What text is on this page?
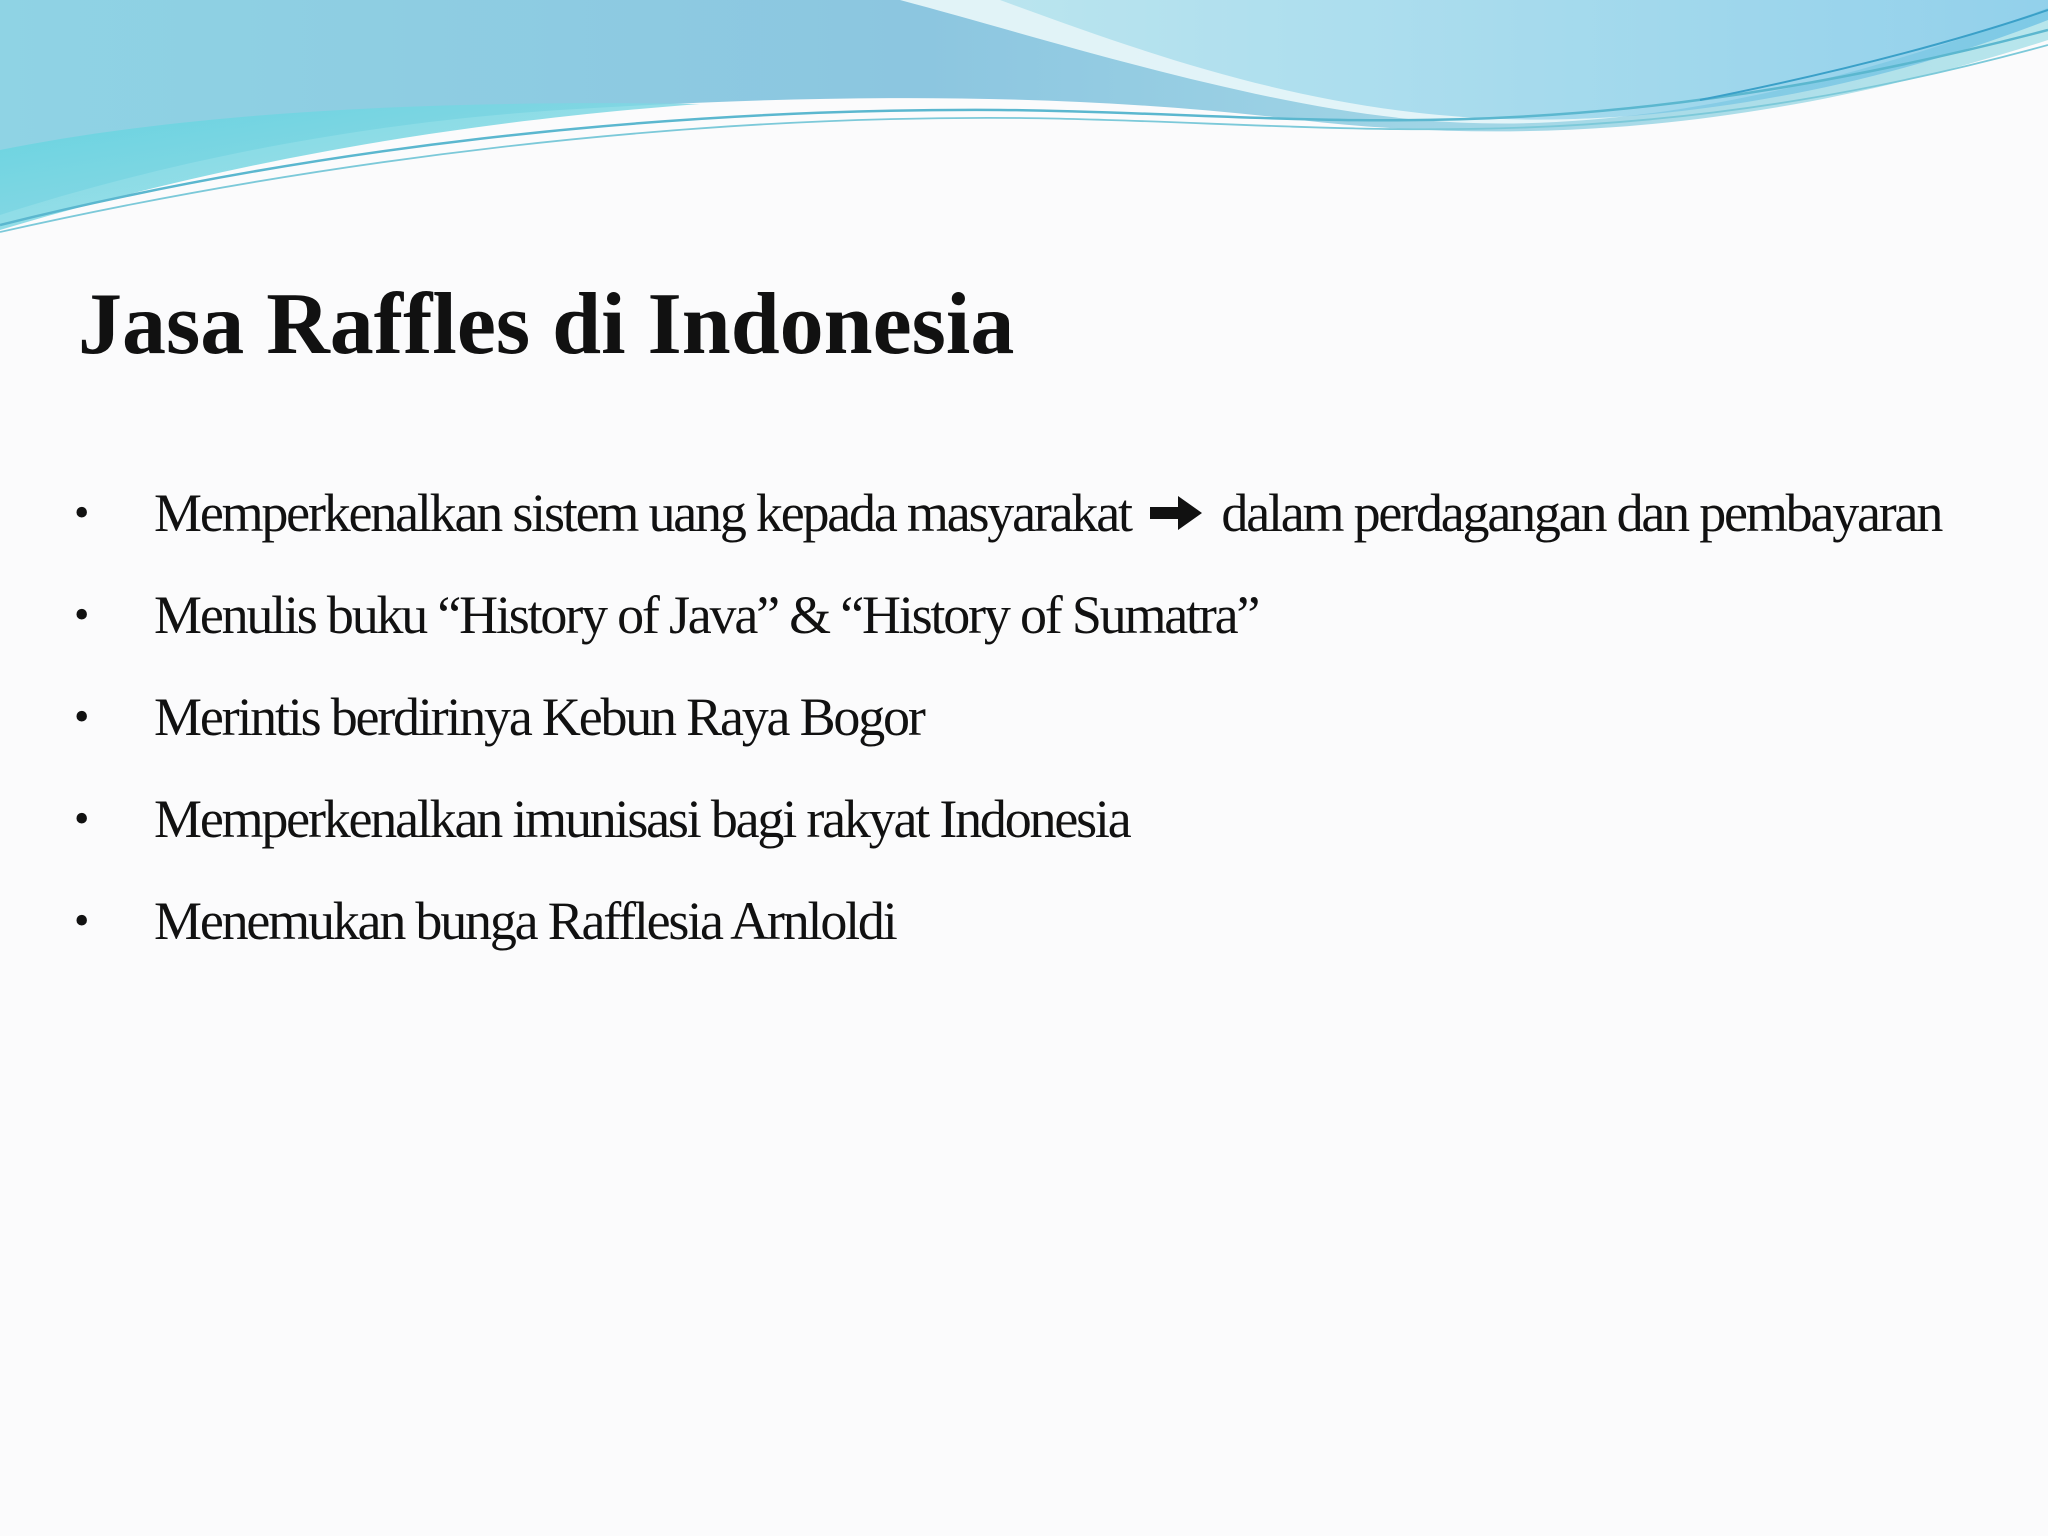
Jasa Raffles di Indonesia
• Memperkenalkan sistem uang kepada masyarakat  dalam perdagangan dan pembayaran
• Menulis buku “History of Java” & “History of Sumatra”
• Merintis berdirinya Kebun Raya Bogor
• Memperkenalkan imunisasi bagi rakyat Indonesia
• Menemukan bunga Rafflesia Arnloldi
